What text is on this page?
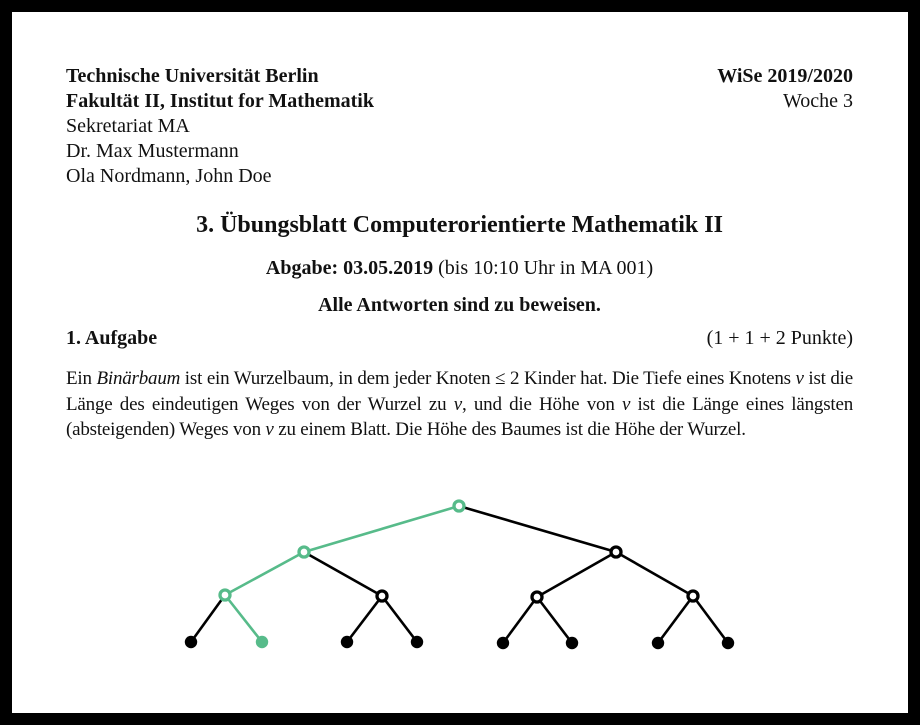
Technische Universität Berlin
Fakultät II, Institut for Mathematik
Sekretariat MA
Dr. Max Mustermann
Ola Nordmann, John Doe
WiSe 2019/2020
Woche 3
3. Übungsblatt Computerorientierte Mathematik II
Abgabe: 03.05.2019 (bis 10:10 Uhr in MA 001)
Alle Antworten sind zu beweisen.
1. Aufgabe	(1 + 1 + 2 Punkte)

Ein Binärbaum ist ein Wurzelbaum, in dem jeder Knoten ≤ 2 Kinder hat. Die Tiefe eines Knotens v ist die Länge des eindeutigen Weges von der Wurzel zu v, und die Höhe von v ist die Länge eines längsten (absteigenden) Weges von v zu einem Blatt. Die Höhe des Baumes ist die Höhe der Wurzel.
